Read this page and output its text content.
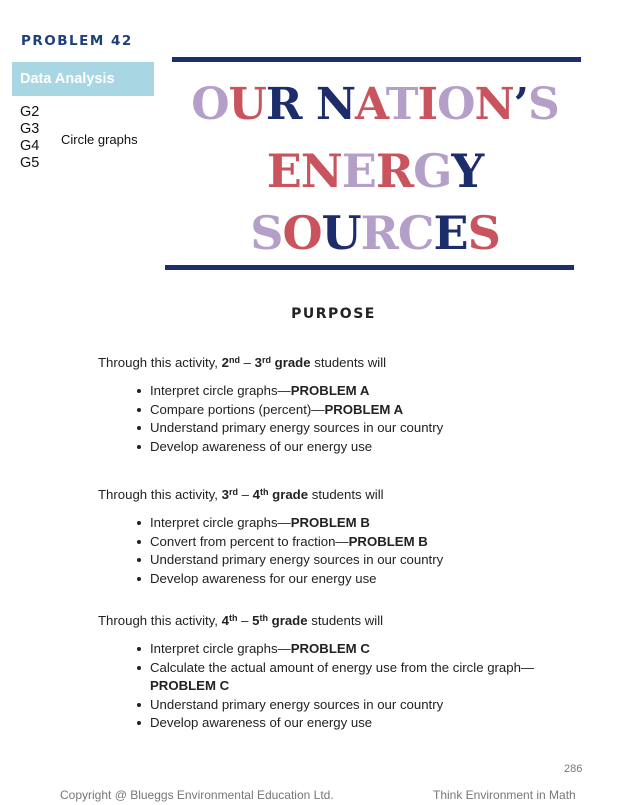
PROBLEM 42
Data Analysis
G2
G3
G4
G5
Circle graphs
OUR NATION’S
ENERGY
SOURCES
PURPOSE
Through this activity, 2nd – 3rd grade students will
Interpret circle graphs—PROBLEM A
Compare portions (percent)—PROBLEM A
Understand primary energy sources in our country
Develop awareness of our energy use
Through this activity, 3rd – 4th grade students will
Interpret circle graphs—PROBLEM B
Convert from percent to fraction—PROBLEM B
Understand primary energy sources in our country
Develop awareness for our energy use
Through this activity, 4th – 5th grade students will
Interpret circle graphs—PROBLEM C
Calculate the actual amount of energy use from the circle graph—
PROBLEM C
Understand primary energy sources in our country
Develop awareness of our energy use
286
Copyright @ Blueggs Environmental Education Ltd.	Think Environment in Math
